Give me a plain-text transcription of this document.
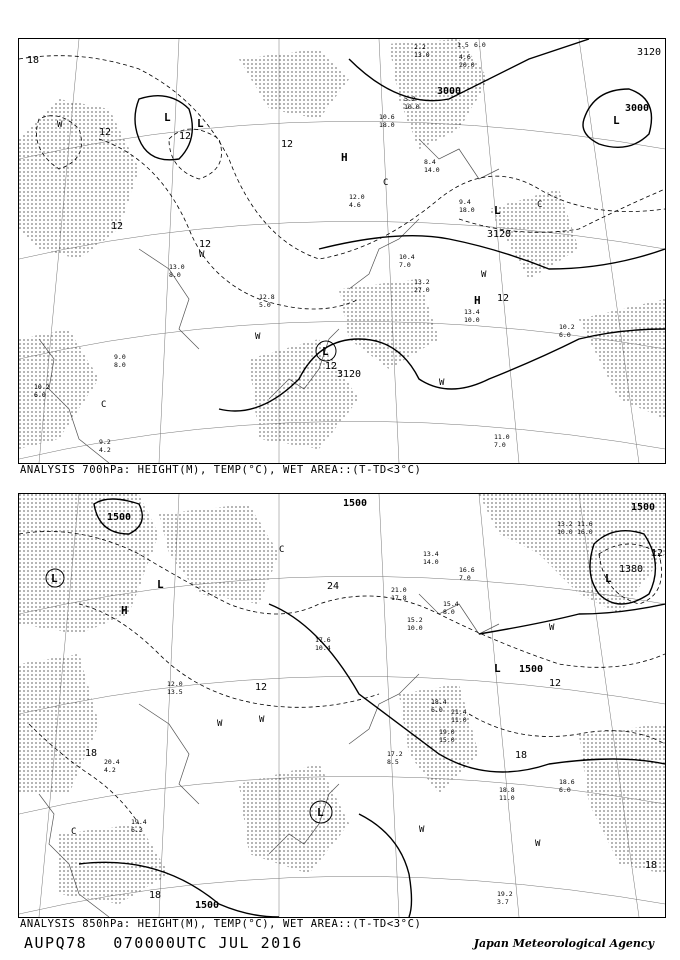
4.6
20.0
10.2
6.0
11.0
7.0
13.4
10.0
8.4
14.0
9.4
18.0
10.4
7.0
12.0
4.6
12.8
5.0
13.0
8.0
13.2
27.0
10.6
18.0
5.2
10.0
1.5 6.0
2.2
13.0
10.2
6.0
9.2
4.2
9.0
8.0
3000
3000
3120
3120
3120
18
12	12
12
12
12
12
12
L
L L	L
L
H
H
W
W
W
W
W
C
C
C
ANALYSIS 700hPa: HEIGHT(M), TEMP(°C), WET AREA::(T-TD<3°C)
19.2
3.7
18.6
6.0
17.2
8.5
19.0
15.0
13.2
10.0
11.6
16.0
18.8
11.0
19.4
6.3
20.4
4.2
21.0
17.8
15.4
8.0
13.4
14.0
16.6
7.0
15.2
10.0
18.4
6.0 21.4
11.0
17.6
10.4
12.0
13.5
1500
1500	1500
1500
1500
1380
24
18	18
18
12
12
12
18
L	L
L
L
L
H
W
W
W
W	W
C
C
ANALYSIS 850hPa: HEIGHT(M), TEMP(°C), WET AREA::(T-TD<3°C)
AUPQ78 070000UTC JUL 2016	Japan Meteorological Agency
